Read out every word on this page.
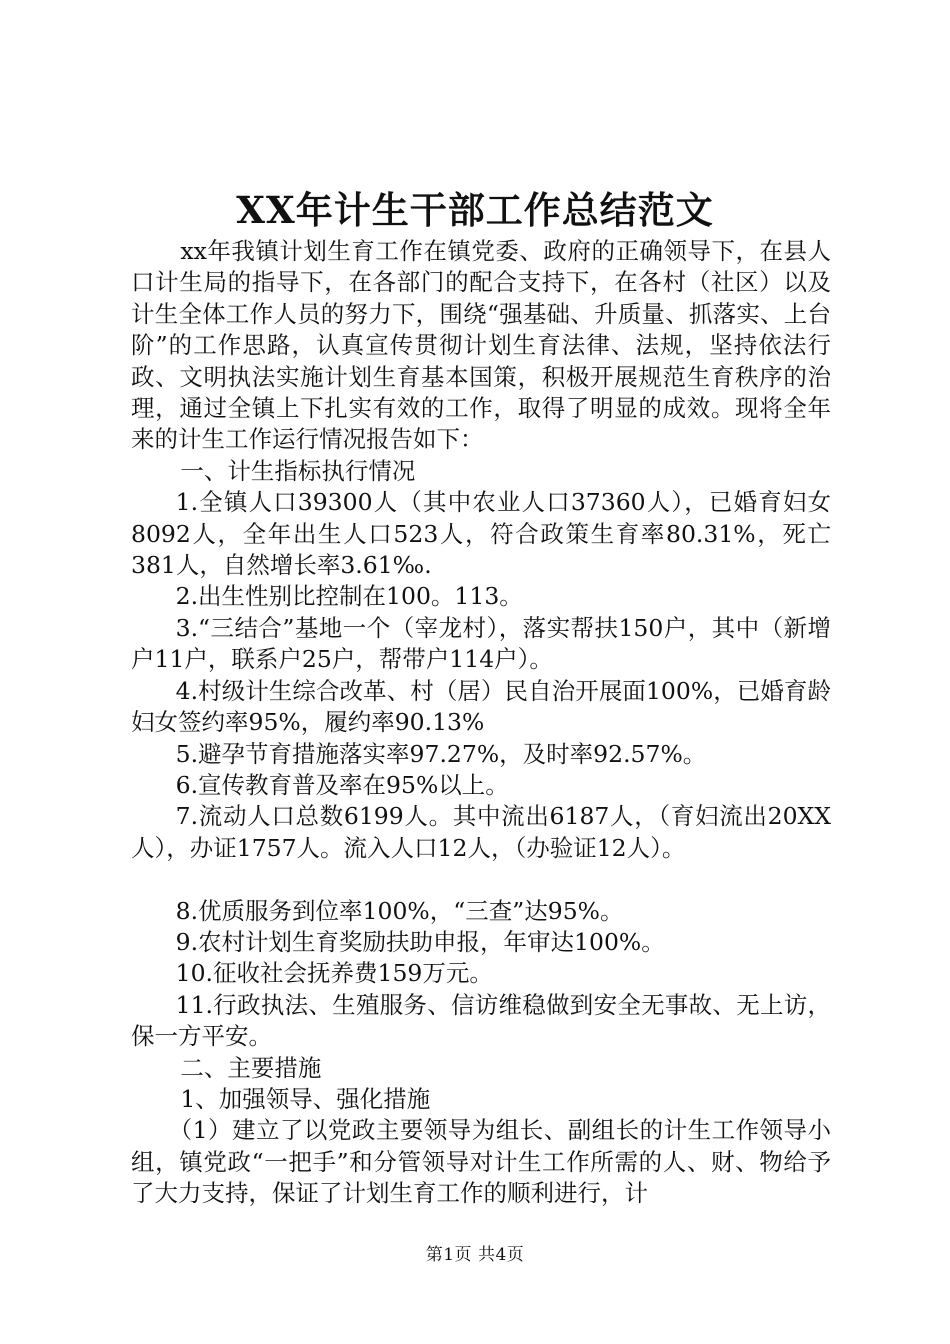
XX年计生干部工作总结范文

xx年我镇计划生育工作在镇党委、政府的正确领导下，在县人口计生局的指导下，在各部门的配合支持下，在各村（社区）以及计生全体工作人员的努力下，围绕“强基础、升质量、抓落实、上台阶”的工作思路，认真宣传贯彻计划生育法律、法规，坚持依法行政、文明执法实施计划生育基本国策，积极开展规范生育秩序的治理，通过全镇上下扎实有效的工作，取得了明显的成效。现将全年来的计生工作运行情况报告如下：

一、计生指标执行情况

1.全镇人口39300人（其中农业人口37360人），已婚育妇女8092人，全年出生人口523人，符合政策生育率80.31%，死亡381人，自然增长率3.61‰.

2.出生性别比控制在100。113。

3.“三结合”基地一个（宰龙村），落实帮扶150户，其中（新增户11户，联系户25户，帮带户114户）。

4.村级计生综合改革、村（居）民自治开展面100%，已婚育龄妇女签约率95%，履约率90.13%

5.避孕节育措施落实率97.27%，及时率92.57%。

6.宣传教育普及率在95%以上。

7.流动人口总数6199人。其中流出6187人，（育妇流出20XX人），办证1757人。流入人口12人，（办验证12人）。

8.优质服务到位率100%，“三查”达95%。

9.农村计划生育奖励扶助申报，年审达100%。

10.征收社会抚养费159万元。

11.行政执法、生殖服务、信访维稳做到安全无事故、无上访，保一方平安。

二、主要措施

1、加强领导、强化措施

（1）建立了以党政主要领导为组长、副组长的计生工作领导小组，镇党政“一把手”和分管领导对计生工作所需的人、财、物给予了大力支持，保证了计划生育工作的顺利进行，计

第1页 共4页
